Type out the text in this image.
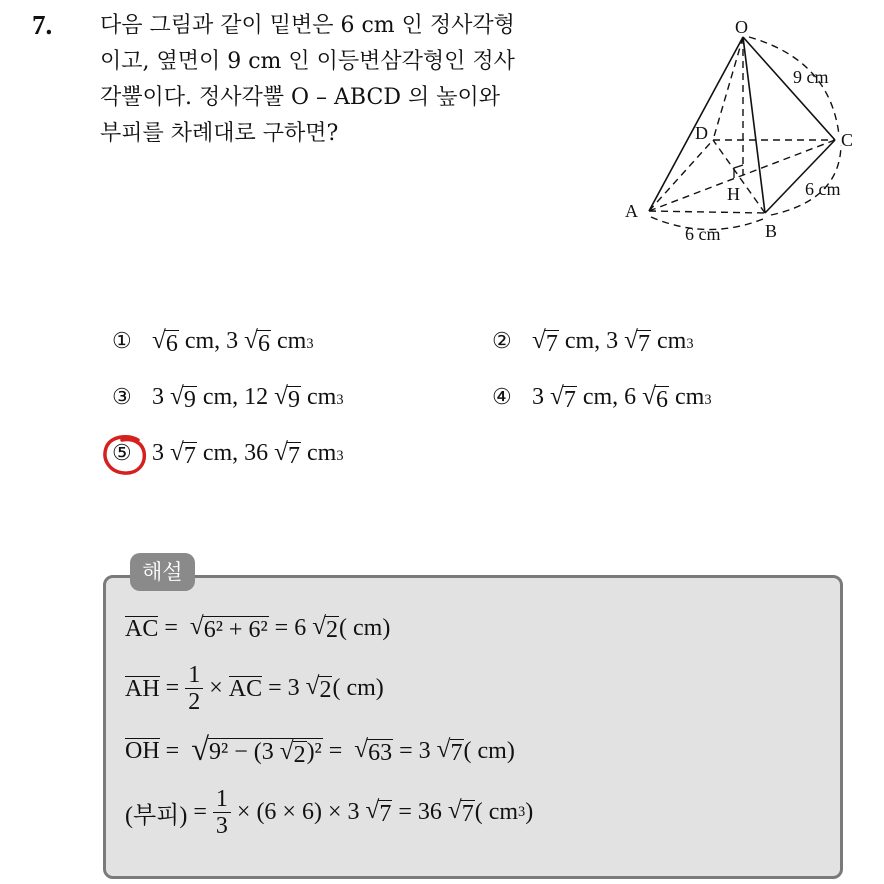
7. 다음 그림과 같이 밑변은 6 cm 인 정사각형
이고, 옆면이 9 cm 인 이등변삼각형인 정사
각뿔이다. 정사각뿔 O – ABCD 의 높이와
부피를 차례대로 구하면?
O
A
B
C
D
H
9 cm
6 cm
6 cm
① √ 6
cm , 3
√ 6
cm 3	② √ 7
cm , 3
√ 7
cm 3
③ 3
√ 9
cm , 12
√ 9
cm 3	④ 3
√ 7
cm , 6
√ 6
cm 3
⑤ 3
√ 7
cm , 36
√ 7
cm 3
해설
AC
=
√ 6² + 6²
=
6
√ 2 ( cm)
AH
= $\frac{1}{2}$ ×
AC
=
3
√ 2 ( cm)
OH
=
√ 9² − (3 √ 2 )²
=
√ 63
=
3
√ 7 ( cm)
(부피)
= $\frac{1}{3} \times (6 \times 6) \times 3$
√ 7
=
36
√ 7 ( cm 3 )
